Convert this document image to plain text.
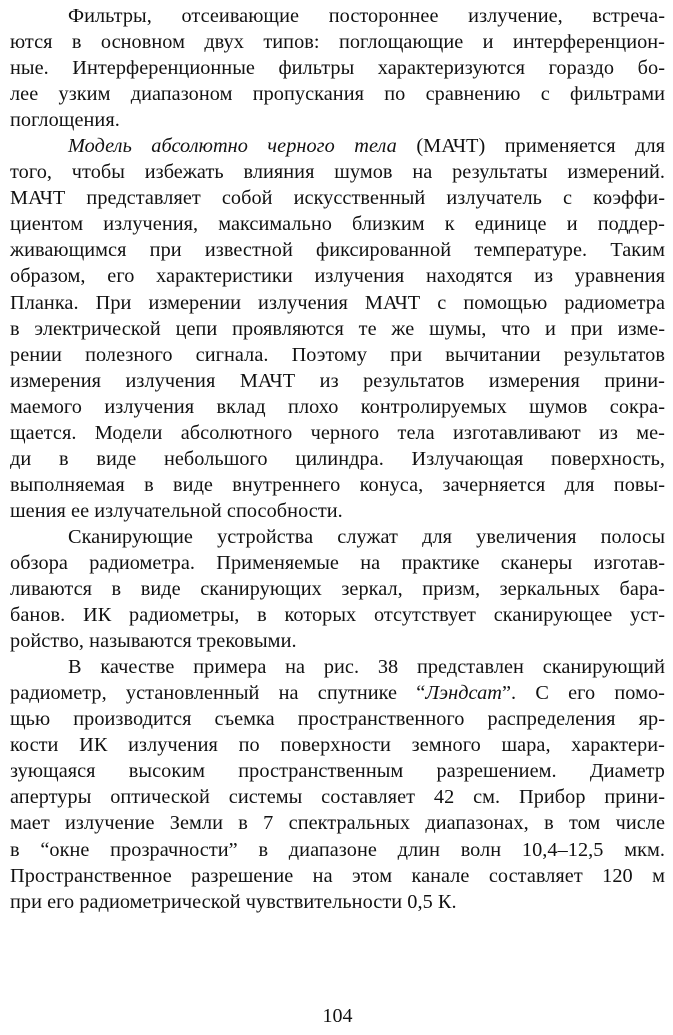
Фильтры, отсеивающие постороннее излучение, встреча-
ются в основном двух типов: поглощающие и интерференцион-
ные. Интерференционные фильтры характеризуются гораздо бо-
лее узким диапазоном пропускания по сравнению с фильтрами
поглощения.
Модель абсолютно черного тела (МАЧТ) применяется для
того, чтобы избежать влияния шумов на результаты измерений.
МАЧТ представляет собой искусственный излучатель с коэффи-
циентом излучения, максимально близким к единице и поддер-
живающимся при известной фиксированной температуре. Таким
образом, его характеристики излучения находятся из уравнения
Планка. При измерении излучения МАЧТ с помощью радиометра
в электрической цепи проявляются те же шумы, что и при изме-
рении полезного сигнала. Поэтому при вычитании результатов
измерения излучения МАЧТ из результатов измерения прини-
маемого излучения вклад плохо контролируемых шумов сокра-
щается. Модели абсолютного черного тела изготавливают из ме-
ди в виде небольшого цилиндра. Излучающая поверхность,
выполняемая в виде внутреннего конуса, зачерняется для повы-
шения ее излучательной способности.
Сканирующие устройства служат для увеличения полосы
обзора радиометра. Применяемые на практике сканеры изготав-
ливаются в виде сканирующих зеркал, призм, зеркальных бара-
банов. ИК радиометры, в которых отсутствует сканирующее уст-
ройство, называются трековыми.
В качестве примера на рис. 38 представлен сканирующий
радиометр, установленный на спутнике “Лэндсат”. С его помо-
щью производится съемка пространственного распределения яр-
кости ИК излучения по поверхности земного шара, характери-
зующаяся высоким пространственным разрешением. Диаметр
апертуры оптической системы составляет 42 см. Прибор прини-
мает излучение Земли в 7 спектральных диапазонах, в том числе
в “окне прозрачности” в диапазоне длин волн 10,4–12,5 мкм.
Пространственное разрешение на этом канале составляет 120 м
при его радиометрической чувствительности 0,5 К.
104
